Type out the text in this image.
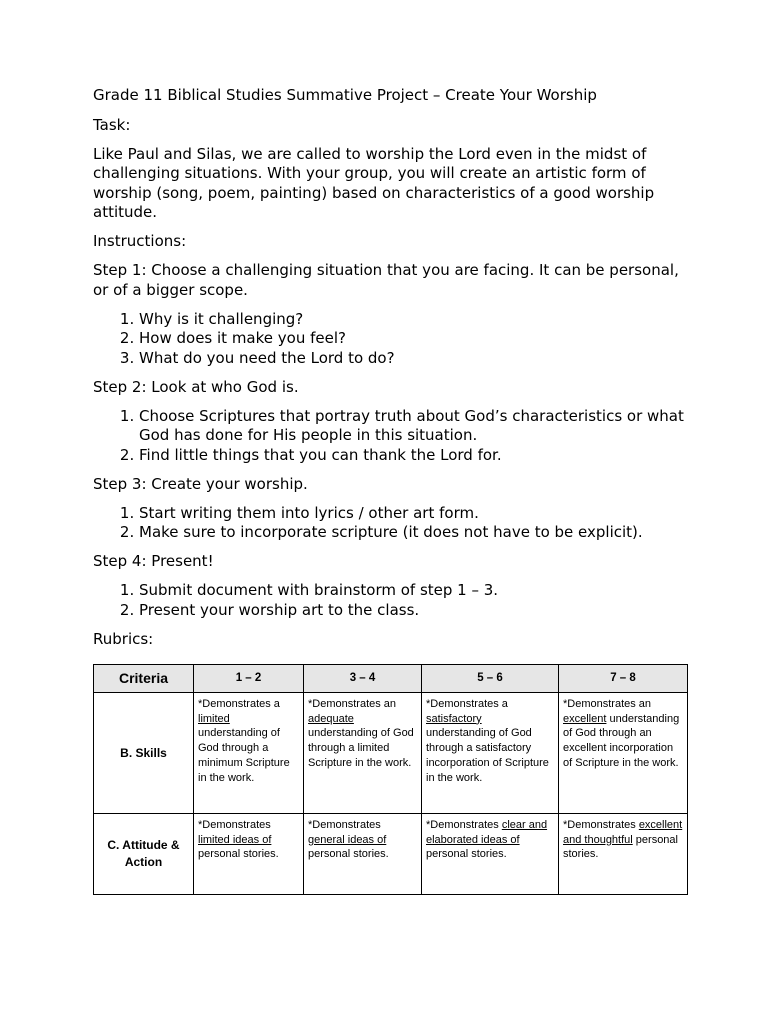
Grade 11 Biblical Studies Summative Project – Create Your Worship

Task:

Like Paul and Silas, we are called to worship the Lord even in the midst of challenging situations. With your group, you will create an artistic form of worship (song, poem, painting) based on characteristics of a good worship attitude.

Instructions:

Step 1: Choose a challenging situation that you are facing. It can be personal, or of a bigger scope.

1. Why is it challenging?
2. How does it make you feel?
3. What do you need the Lord to do?

Step 2: Look at who God is.

1. Choose Scriptures that portray truth about God’s characteristics or what God has done for His people in this situation.
2. Find little things that you can thank the Lord for.

Step 3: Create your worship.

1. Start writing them into lyrics / other art form.
2. Make sure to incorporate scripture (it does not have to be explicit).

Step 4: Present!

1. Submit document with brainstorm of step 1 – 3.
2. Present your worship art to the class.

Rubrics:

Criteria	1 – 2	3 – 4	5 – 6	7 – 8
B. Skills	*Demonstrates a limited understanding of God through a minimum Scripture in the work.	*Demonstrates an adequate understanding of God through a limited Scripture in the work.	*Demonstrates a satisfactory understanding of God through a satisfactory incorporation of Scripture in the work.	*Demonstrates an excellent understanding of God through an excellent incorporation of Scripture in the work.
C. Attitude &
Action	*Demonstrates limited ideas of personal stories.	*Demonstrates general ideas of personal stories.	*Demonstrates clear and elaborated ideas of personal stories.	*Demonstrates excellent and thoughtful personal stories.
